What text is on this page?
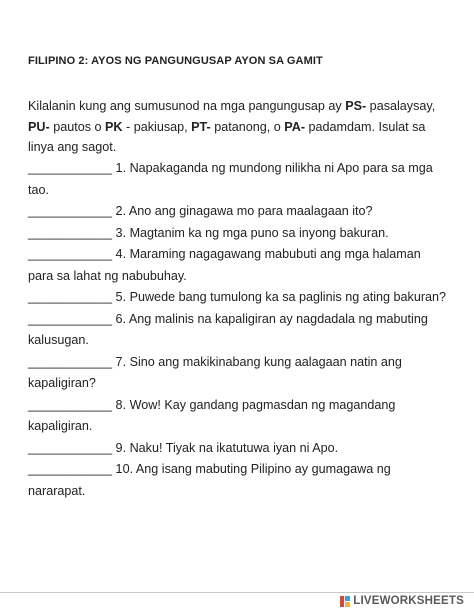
FILIPINO 2: AYOS NG PANGUNGUSAP AYON SA GAMIT

Kilalanin kung ang sumusunod na mga pangungusap ay PS- pasalaysay, PU- pautos o PK - pakiusap, PT- patanong, o PA- padamdam. Isulat sa linya ang sagot.

____________ 1. Napakaganda ng mundong nilikha ni Apo para sa mga tao.
____________ 2. Ano ang ginagawa mo para maalagaan ito?
____________ 3. Magtanim ka ng mga puno sa inyong bakuran.
____________ 4. Maraming nagagawang mabubuti ang mga halaman para sa lahat ng nabubuhay.
____________ 5. Puwede bang tumulong ka sa paglinis ng ating bakuran?
____________ 6. Ang malinis na kapaligiran ay nagdadala ng mabuting kalusugan.
____________ 7. Sino ang makikinabang kung aalagaan natin ang kapaligiran?
____________ 8. Wow! Kay gandang pagmasdan ng magandang kapaligiran.
____________ 9. Naku! Tiyak na ikatutuwa iyan ni Apo.
____________ 10. Ang isang mabuting Pilipino ay gumagawa ng nararapat.
LIVEWORKSHEETS
